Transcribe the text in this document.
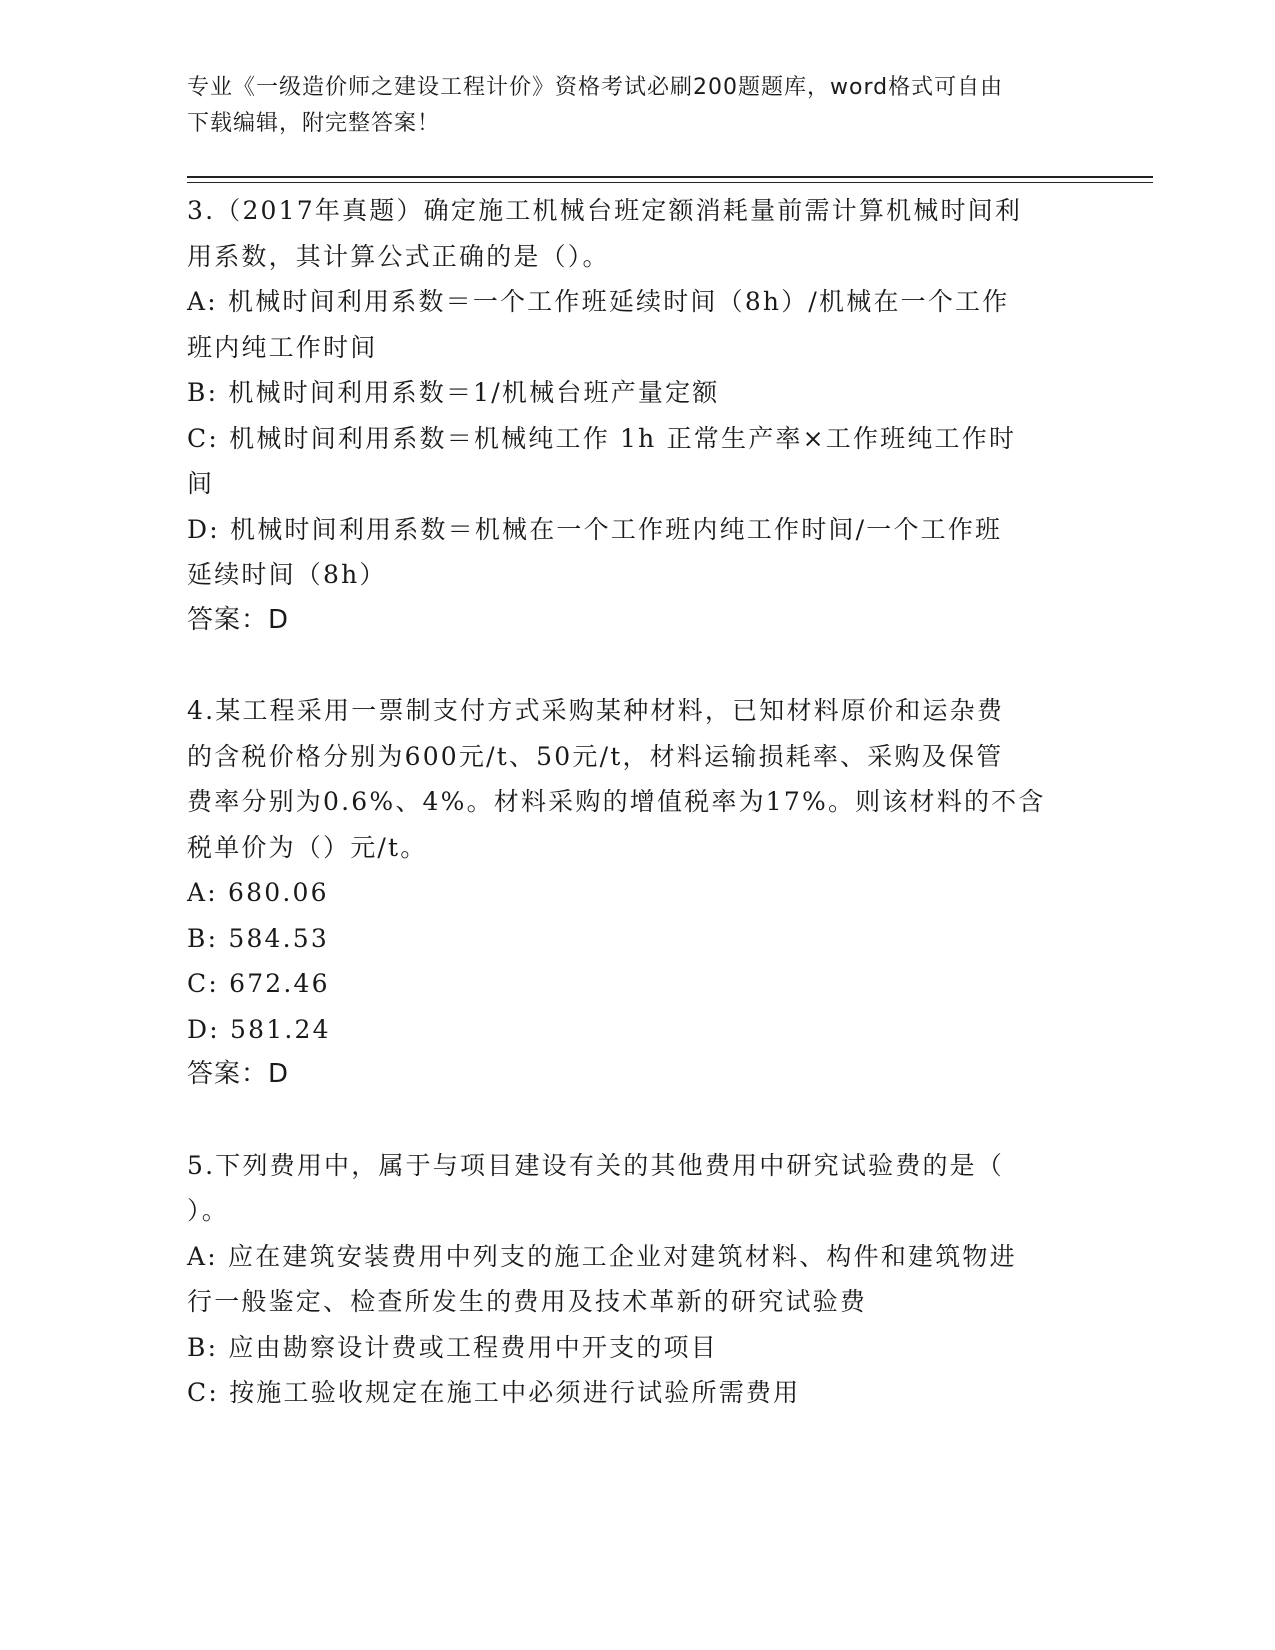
专业《一级造价师之建设工程计价》资格考试必刷200题题库，word格式可自由
下载编辑，附完整答案！

3.（2017年真题）确定施工机械台班定额消耗量前需计算机械时间利

用系数，其计算公式正确的是（）。

A: 机械时间利用系数＝一个工作班延续时间（8h）/机械在一个工作

班内纯工作时间

B: 机械时间利用系数＝1/机械台班产量定额

C: 机械时间利用系数＝机械纯工作 1h 正常生产率×工作班纯工作时

间

D: 机械时间利用系数＝机械在一个工作班内纯工作时间/一个工作班

延续时间（8h）

答案：D

4.某工程采用一票制支付方式采购某种材料，已知材料原价和运杂费

的含税价格分别为600元/t、50元/t，材料运输损耗率、采购及保管

费率分别为0.6%、4%。材料采购的增值税率为17%。则该材料的不含

税单价为（）元/t。

A: 680.06

B: 584.53

C: 672.46

D: 581.24

答案：D

5.下列费用中，属于与项目建设有关的其他费用中研究试验费的是（

）。

A: 应在建筑安装费用中列支的施工企业对建筑材料、构件和建筑物进

行一般鉴定、检查所发生的费用及技术革新的研究试验费

B: 应由勘察设计费或工程费用中开支的项目

C: 按施工验收规定在施工中必须进行试验所需费用
